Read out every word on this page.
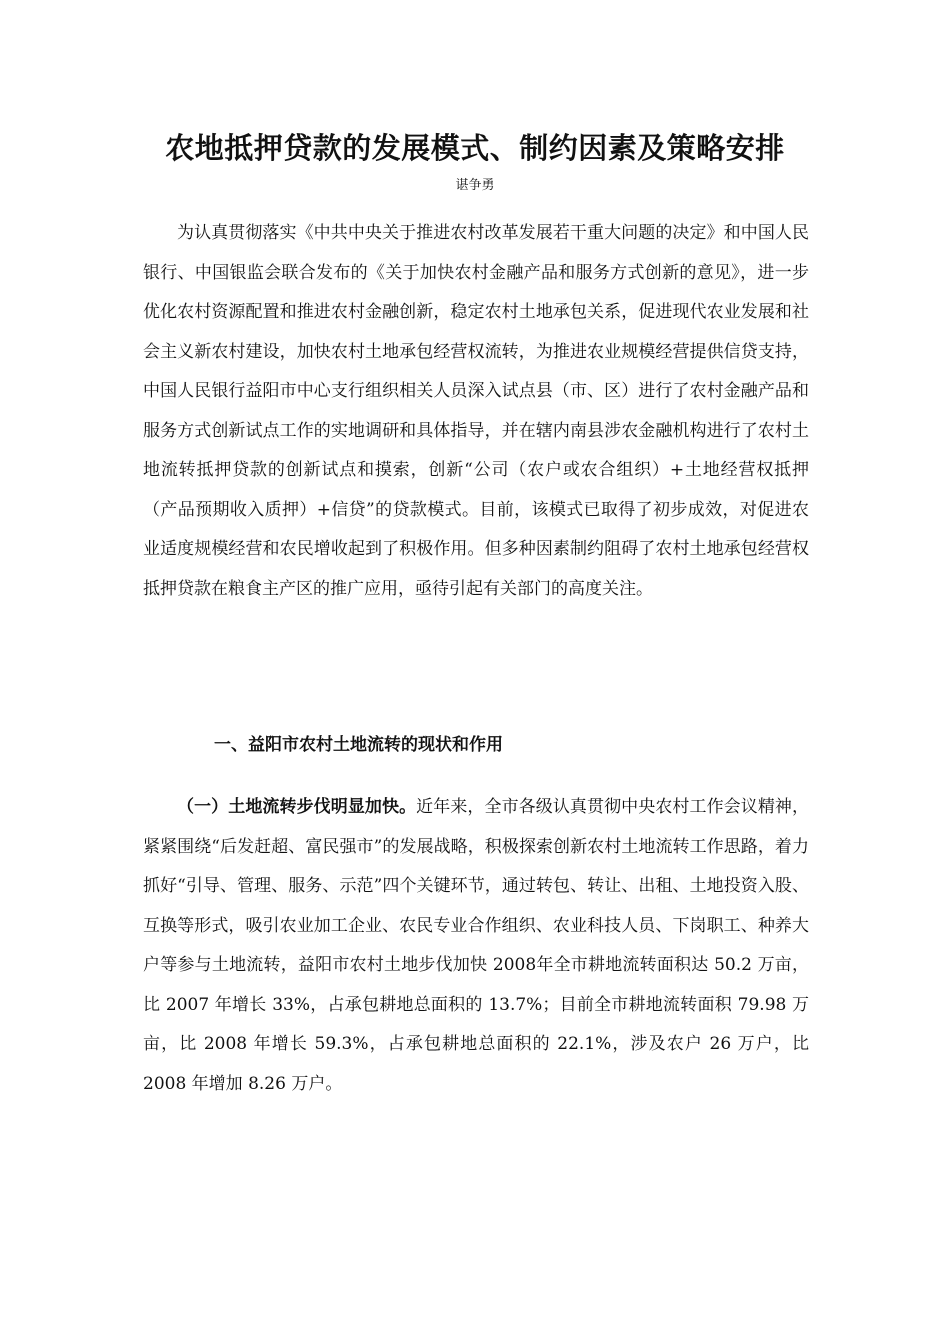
农地抵押贷款的发展模式、制约因素及策略安排
谌争勇

为认真贯彻落实《中共中央关于推进农村改革发展若干重大问题的决定》和中国人民银行、中国银监会联合发布的《关于加快农村金融产品和服务方式创新的意见》，进一步优化农村资源配置和推进农村金融创新，稳定农村土地承包关系，促进现代农业发展和社会主义新农村建设，加快农村土地承包经营权流转，为推进农业规模经营提供信贷支持，中国人民银行益阳市中心支行组织相关人员深入试点县（市、区）进行了农村金融产品和服务方式创新试点工作的实地调研和具体指导，并在辖内南县涉农金融机构进行了农村土地流转抵押贷款的创新试点和摸索，创新“公司（农户或农合组织）+土地经营权抵押（产品预期收入质押）+信贷”的贷款模式。目前，该模式已取得了初步成效，对促进农业适度规模经营和农民增收起到了积极作用。但多种因素制约阻碍了农村土地承包经营权抵押贷款在粮食主产区的推广应用，亟待引起有关部门的高度关注。

一、益阳市农村土地流转的现状和作用

（一）土地流转步伐明显加快。近年来，全市各级认真贯彻中央农村工作会议精神，紧紧围绕“后发赶超、富民强市”的发展战略，积极探索创新农村土地流转工作思路，着力抓好“引导、管理、服务、示范”四个关键环节，通过转包、转让、出租、土地投资入股、互换等形式，吸引农业加工企业、农民专业合作组织、农业科技人员、下岗职工、种养大户等参与土地流转，益阳市农村土地步伐加快 2008年全市耕地流转面积达 50.2 万亩，比 2007 年增长 33%，占承包耕地总面积的 13.7%；目前全市耕地流转面积 79.98 万亩，比 2008 年增长 59.3%，占承包耕地总面积的 22.1%，涉及农户 26 万户，比 2008 年增加 8.26 万户。
